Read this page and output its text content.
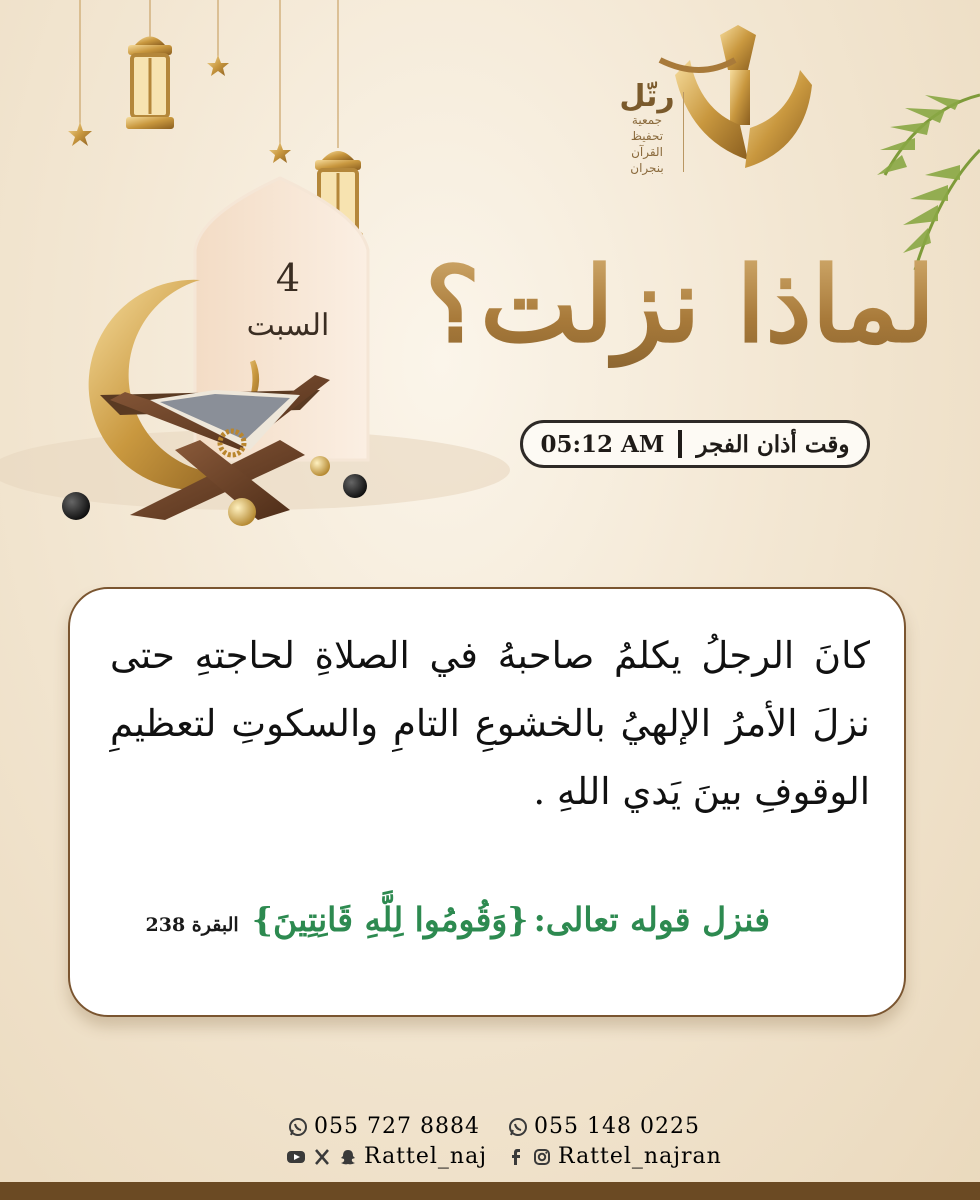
رتّل
جمعية
تحفيظ
القرآن
بنجران
4
السبت لماذا نزلت؟
وقت أذان الفجر
05:12 AM
كانَ الرجلُ يكلمُ صاحبهُ في الصلاةِ لحاجتهِ حتى نزلَ الأمرُ الإلهيُ بالخشوعِ التامِ والسكوتِ لتعظيمِ الوقوفِ بينَ يَدي اللهِ .
فنزل قوله تعالى: {وَقُومُوا لِلَّهِ قَانِتِينَ} البقرة 238
055 727 8884 055 148 0225
Rattel_naj	Rattel_najran
